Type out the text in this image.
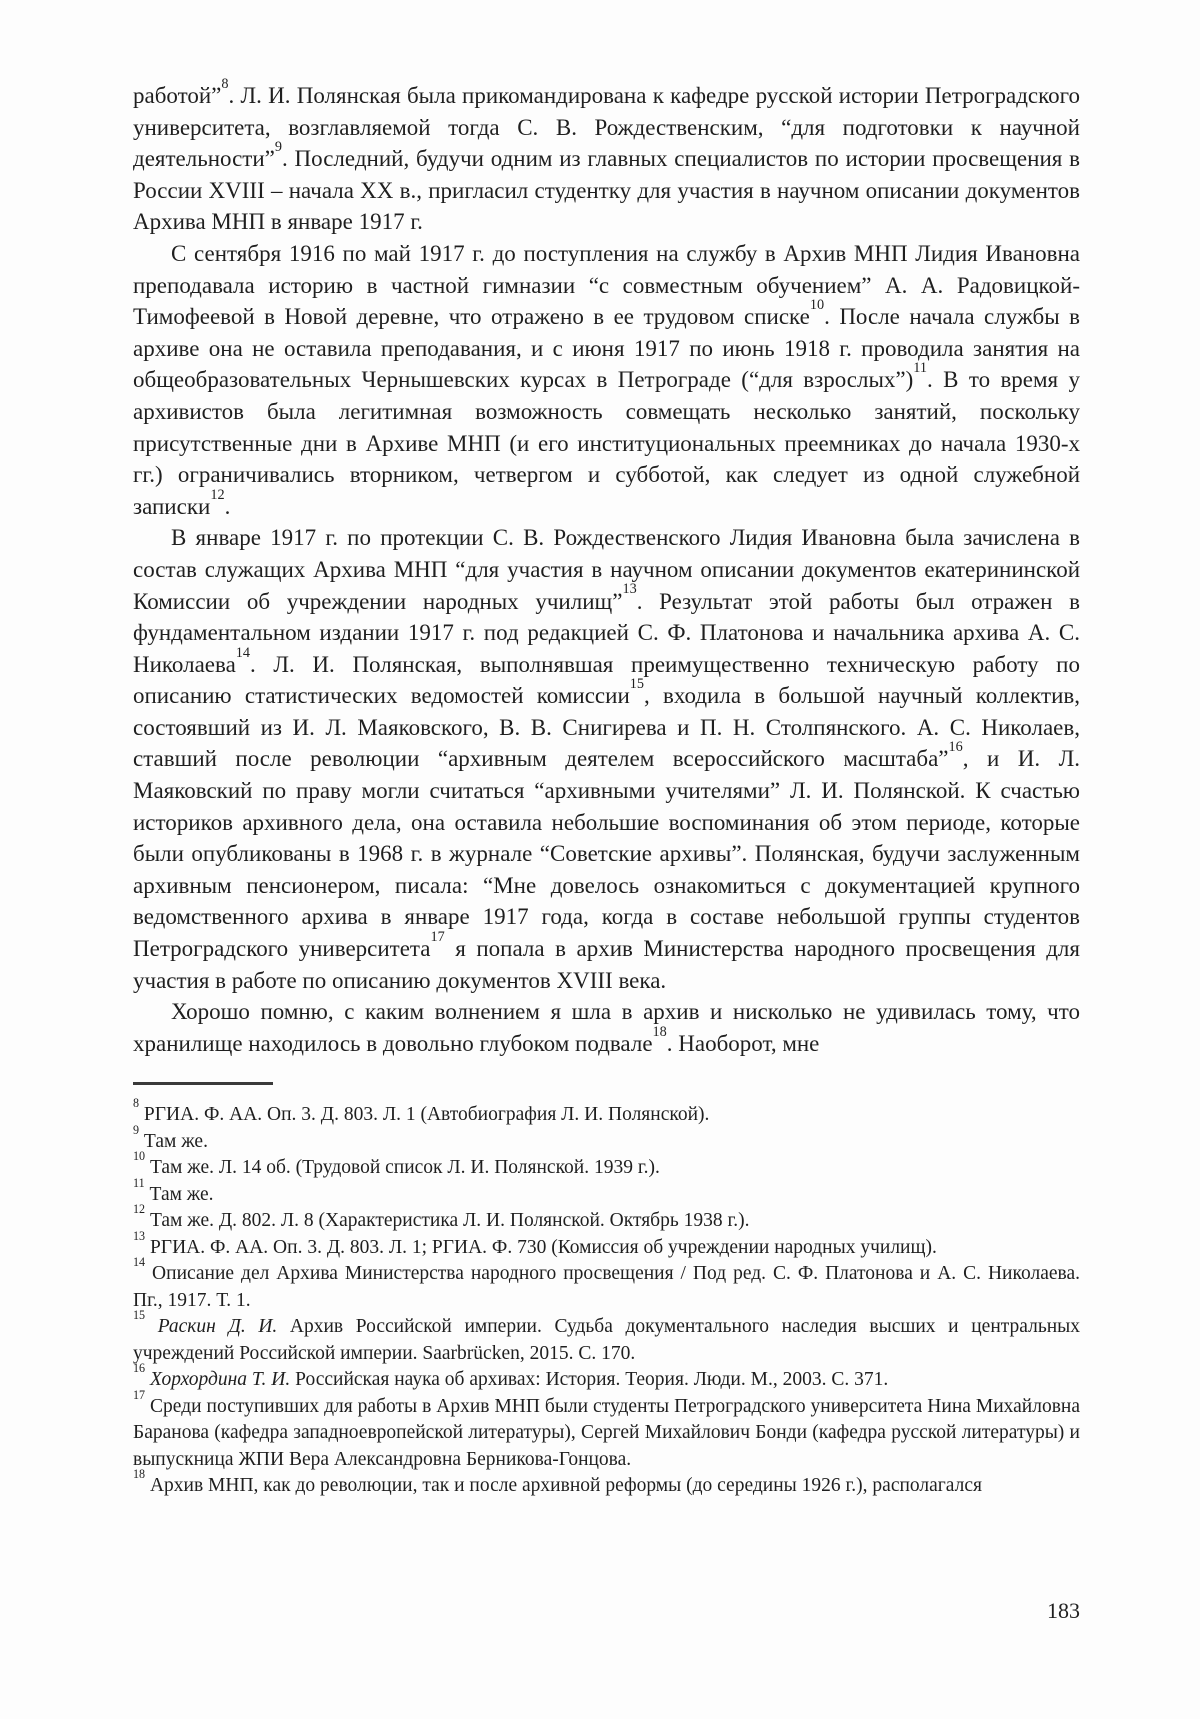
работой”$^8$. Л. И. Полянская была прикомандирована к кафедре русской истории Петроградского университета, возглавляемой тогда С. В. Рождественским, “для подготовки к научной деятельности”$^9$. Последний, будучи одним из главных специалистов по истории просвещения в России XVIII – начала XX в., пригласил студентку для участия в научном описании документов Архива МНП в январе 1917 г.

С сентября 1916 по май 1917 г. до поступления на службу в Архив МНП Лидия Ивановна преподавала историю в частной гимназии “с совместным обучением” А. А. Радовицкой-Тимофеевой в Новой деревне, что отражено в ее трудовом списке$^{10}$. После начала службы в архиве она не оставила преподавания, и с июня 1917 по июнь 1918 г. проводила занятия на общеобразовательных Чернышевских курсах в Петрограде (“для взрослых”)$^{11}$. В то время у архивистов была легитимная возможность совмещать несколько занятий, поскольку присутственные дни в Архиве МНП (и его институциональных преемниках до начала 1930-х гг.) ограничивались вторником, четвергом и субботой, как следует из одной служебной записки$^{12}$.

В январе 1917 г. по протекции С. В. Рождественского Лидия Ивановна была зачислена в состав служащих Архива МНП “для участия в научном описании документов екатерининской Комиссии об учреждении народных училищ”$^{13}$. Результат этой работы был отражен в фундаментальном издании 1917 г. под редакцией С. Ф. Платонова и начальника архива А. С. Николаева$^{14}$. Л. И. Полянская, выполнявшая преимущественно техническую работу по описанию статистических ведомостей комиссии$^{15}$, входила в большой научный коллектив, состоявший из И. Л. Маяковского, В. В. Снигирева и П. Н. Столпянского. А. С. Николаев, ставший после революции “архивным деятелем всероссийского масштаба”$^{16}$, и И. Л. Маяковский по праву могли считаться “архивными учителями” Л. И. Полянской. К счастью историков архивного дела, она оставила небольшие воспоминания об этом периоде, которые были опубликованы в 1968 г. в журнале “Советские архивы”. Полянская, будучи заслуженным архивным пенсионером, писала: “Мне довелось ознакомиться с документацией крупного ведомственного архива в январе 1917 года, когда в составе небольшой группы студентов Петроградского университета$^{17}$ я попала в архив Министерства народного просвещения для участия в работе по описанию документов XVIII века.

Хорошо помню, с каким волнением я шла в архив и нисколько не удивилась тому, что хранилище находилось в довольно глубоком подвале$^{18}$. Наоборот, мне

$^8$ РГИА. Ф. АА. Оп. 3. Д. 803. Л. 1 (Автобиография Л. И. Полянской).

$^9$ Там же.

$^{10}$ Там же. Л. 14 об. (Трудовой список Л. И. Полянской. 1939 г.).

$^{11}$ Там же.

$^{12}$ Там же. Д. 802. Л. 8 (Характеристика Л. И. Полянской. Октябрь 1938 г.).

$^{13}$ РГИА. Ф. АА. Оп. 3. Д. 803. Л. 1; РГИА. Ф. 730 (Комиссия об учреждении народных училищ).

$^{14}$ Описание дел Архива Министерства народного просвещения / Под ред. С. Ф. Платонова и А. С. Николаева. Пг., 1917. Т. 1.

$^{15}$ Раскин Д. И. Архив Российской империи. Судьба документального наследия высших и центральных учреждений Российской империи. Saarbrücken, 2015. С. 170.

$^{16}$ Хорхордина Т. И. Российская наука об архивах: История. Теория. Люди. М., 2003. С. 371.

$^{17}$ Среди поступивших для работы в Архив МНП были студенты Петроградского университета Нина Михайловна Баранова (кафедра западноевропейской литературы), Сергей Михайлович Бонди (кафедра русской литературы) и выпускница ЖПИ Вера Александровна Берникова-Гонцова.

$^{18}$ Архив МНП, как до революции, так и после архивной реформы (до середины 1926 г.), располагался

183
